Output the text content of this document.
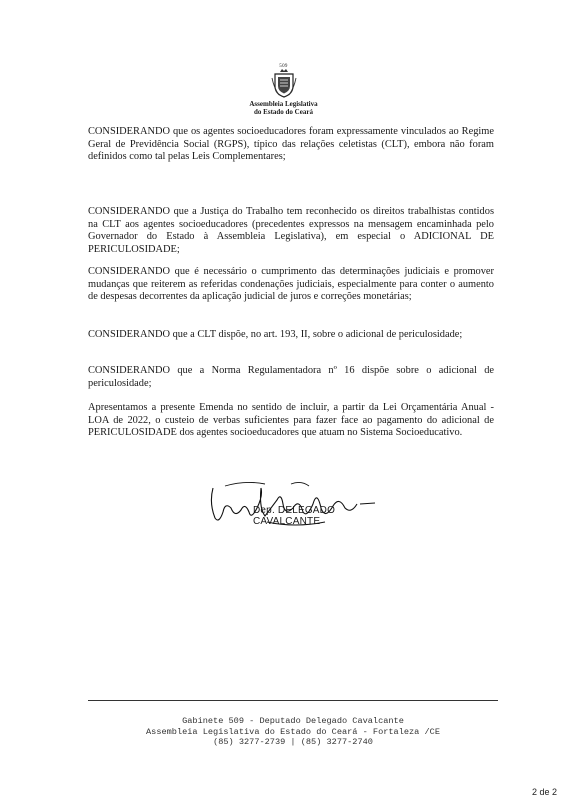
509
Assembleia Legislativa
do Estado do Ceará

CONSIDERANDO que os agentes socioeducadores foram expressamente vinculados ao Regime Geral de Previdência Social (RGPS), típico das relações celetistas (CLT), embora não foram definidos como tal pelas Leis Complementares;

CONSIDERANDO que a Justiça do Trabalho tem reconhecido os direitos trabalhistas contidos na CLT aos agentes socioeducadores (precedentes expressos na mensagem encaminhada pelo Governador do Estado à Assembleia Legislativa), em especial o ADICIONAL DE PERICULOSIDADE;

CONSIDERANDO que é necessário o cumprimento das determinações judiciais e promover mudanças que reiterem as referidas condenações judiciais, especialmente para conter o aumento de despesas decorrentes da aplicação judicial de juros e correções monetárias;

CONSIDERANDO que a CLT dispõe, no art. 193, II, sobre o adicional de periculosidade;

CONSIDERANDO que a Norma Regulamentadora nº 16 dispõe sobre o adicional de periculosidade;

Apresentamos a presente Emenda no sentido de incluir, a partir da Lei Orçamentária Anual - LOA de 2022, o custeio de verbas suficientes para fazer face ao pagamento do adicional de PERICULOSIDADE dos agentes socioeducadores que atuam no Sistema Socioeducativo.

Dep. DELEGADO CAVALCANTE
Gabinete 509 - Deputado Delegado Cavalcante
Assembleia Legislativa do Estado do Ceará - Fortaleza /CE
(85) 3277-2739 | (85) 3277-2740
2 de 2
